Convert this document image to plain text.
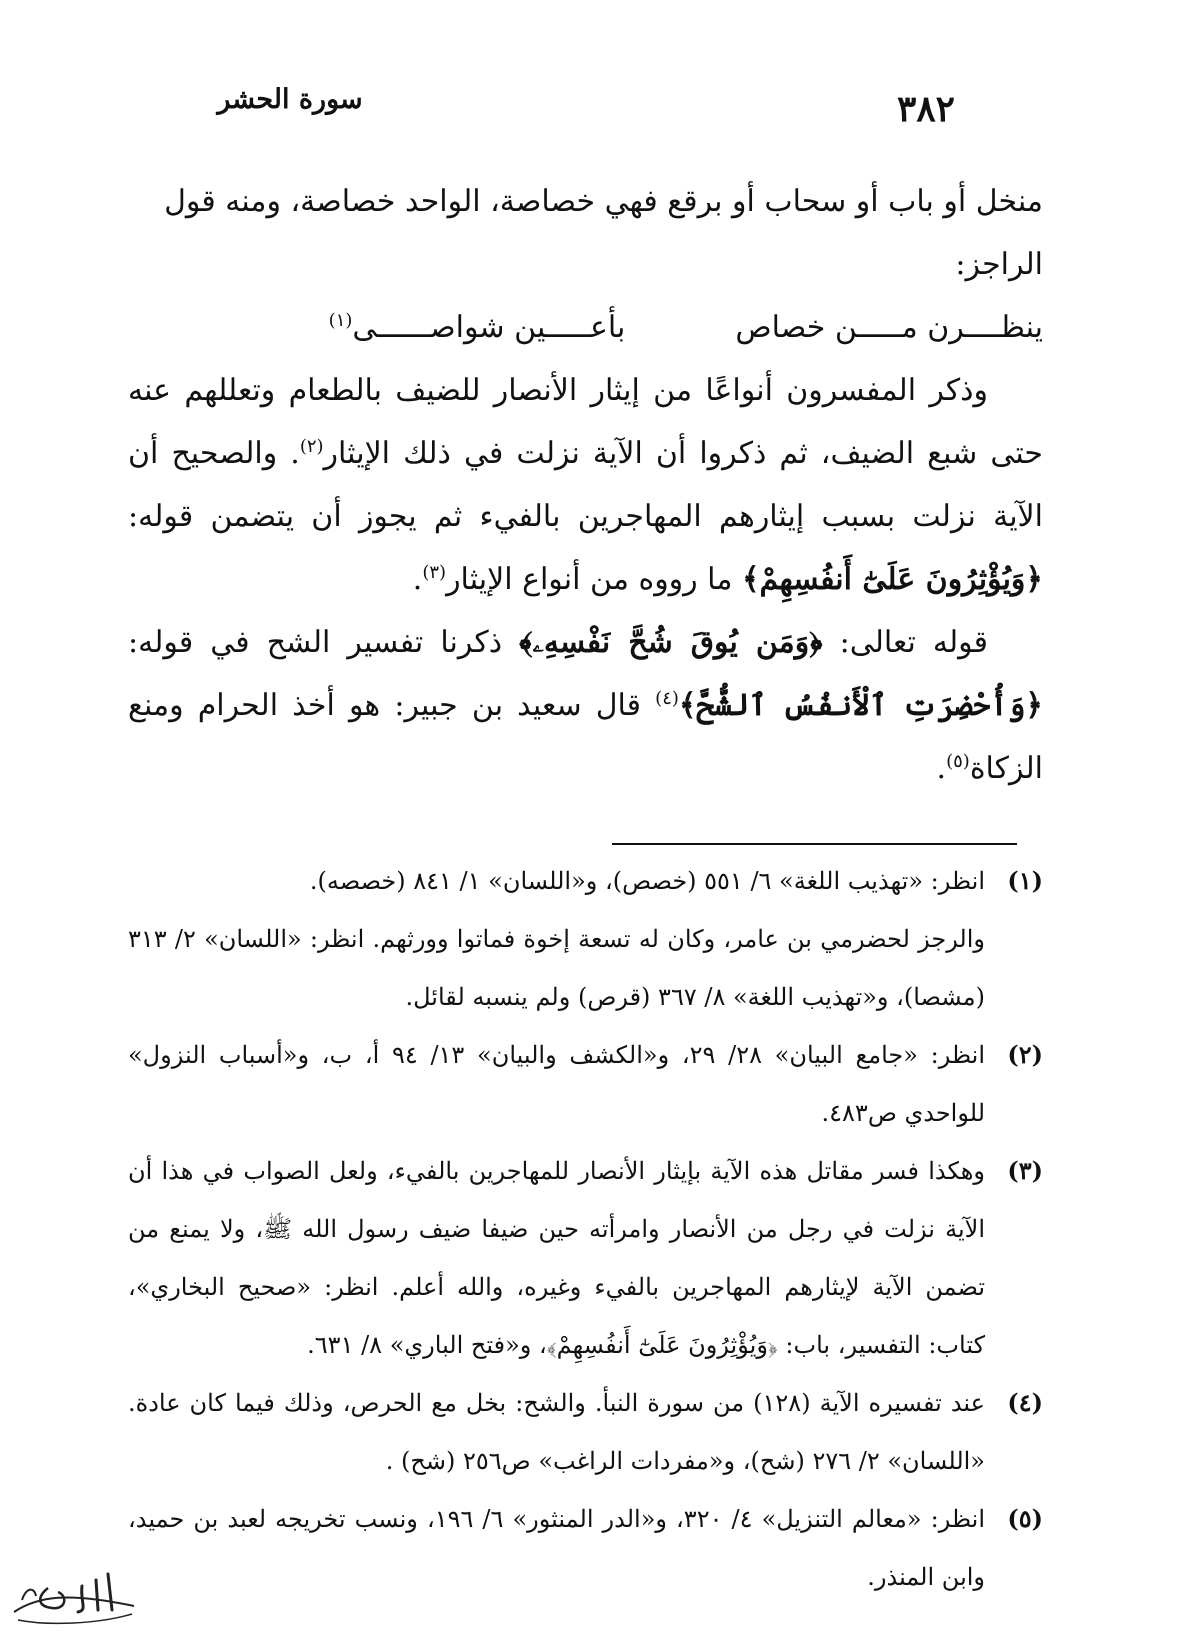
٣٨٢
سورة الحشر

منخل أو باب أو سحاب أو برقع فهي خصاصة، الواحد خصاصة، ومنه قول
الراجز:

ينظــــرن مـــــن خصاصبأعـــــين شواصــــــى$^{(١)}$

وذكر المفسرون أنواعًا من إيثار الأنصار للضيف بالطعام وتعللهم عنه حتى شبع الضيف، ثم ذكروا أن الآية نزلت في ذلك الإيثار$^{(٢)}$. والصحيح أن الآية نزلت بسبب إيثارهم المهاجرين بالفيء ثم يجوز أن يتضمن قوله: ﴿وَيُؤْثِرُونَ عَلَىٰٓ أَنفُسِهِمْ﴾ ما رووه من أنواع الإيثار$^{(٣)}$.

قوله تعالى: ﴿وَمَن يُوقَ شُحَّ نَفْسِهِۦ﴾ ذكرنا تفسير الشح في قوله: ﴿وَأُحْضِرَتِ ٱلْأَنفُسُ ٱلشُّحَّ﴾$^{(٤)}$ قال سعيد بن جبير: هو أخذ الحرام ومنع الزكاة$^{(٥)}$.

(١)
انظر: «تهذيب اللغة» ٦/ ٥٥١ (خصص)، و«اللسان» ١/ ٨٤١ (خصصه).

والرجز لحضرمي بن عامر، وكان له تسعة إخوة فماتوا وورثهم. انظر: «اللسان» ٢/ ٣١٣ (مشصا)، و«تهذيب اللغة» ٨/ ٣٦٧ (قرص) ولم ينسبه لقائل.

(٢)
انظر: «جامع البيان» ٢٨/ ٢٩، و«الكشف والبيان» ١٣/ ٩٤ أ، ب، و«أسباب النزول» للواحدي ص٤٨٣.

(٣)
وهكذا فسر مقاتل هذه الآية بإيثار الأنصار للمهاجرين بالفيء، ولعل الصواب في هذا أن الآية نزلت في رجل من الأنصار وامرأته حين ضيفا ضيف رسول الله ﷺ، ولا يمنع من تضمن الآية لإيثارهم المهاجرين بالفيء وغيره، والله أعلم. انظر: «صحيح البخاري»، كتاب: التفسير، باب: ﴿وَيُؤْثِرُونَ عَلَىٰٓ أَنفُسِهِمْ﴾، و«فتح الباري» ٨/ ٦٣١.

(٤)
عند تفسيره الآية (١٢٨) من سورة النبأ. والشح: بخل مع الحرص، وذلك فيما كان عادة. «اللسان» ٢/ ٢٧٦ (شح)، و«مفردات الراغب» ص٢٥٦ (شح) .

(٥)
انظر: «معالم التنزيل» ٤/ ٣٢٠، و«الدر المنثور» ٦/ ١٩٦، ونسب تخريجه لعبد بن حميد، وابن المنذر.
